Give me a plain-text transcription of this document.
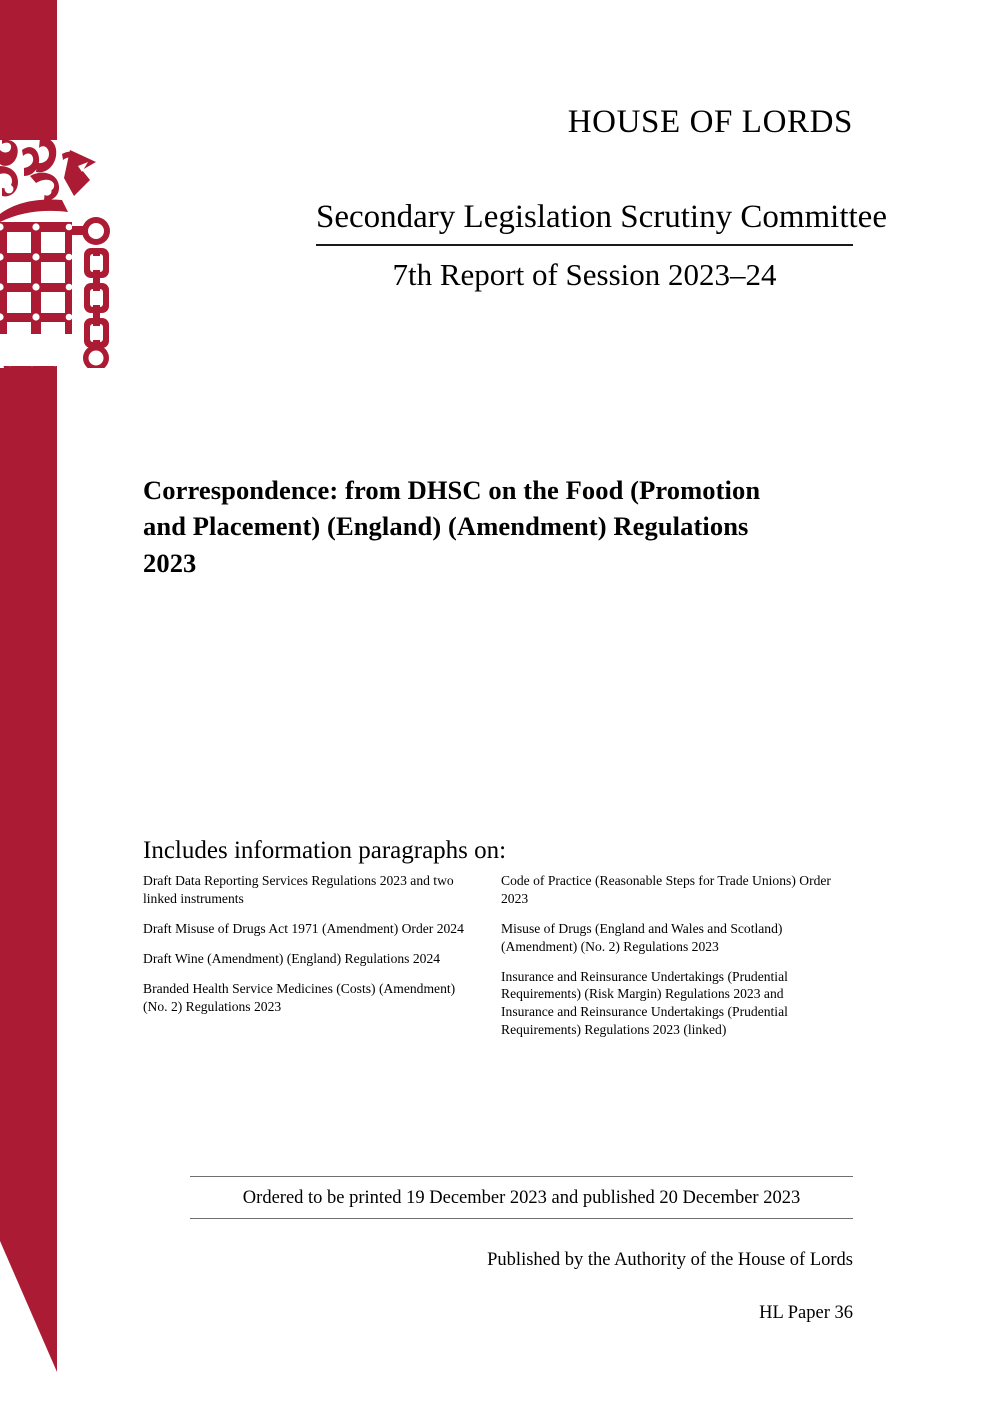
HOUSE OF LORDS
Secondary Legislation Scrutiny Committee
7th Report of Session 2023–24
Correspondence: from DHSC on the Food (Promotion and Placement) (England) (Amendment) Regulations 2023
Includes information paragraphs on:
Draft Data Reporting Services Regulations 2023 and two linked instruments
Draft Misuse of Drugs Act 1971 (Amendment) Order 2024
Draft Wine (Amendment) (England) Regulations 2024
Branded Health Service Medicines (Costs) (Amendment) (No. 2) Regulations 2023
Code of Practice (Reasonable Steps for Trade Unions) Order 2023
Misuse of Drugs (England and Wales and Scotland) (Amendment) (No. 2) Regulations 2023
Insurance and Reinsurance Undertakings (Prudential Requirements) (Risk Margin) Regulations 2023 and Insurance and Reinsurance Undertakings (Prudential Requirements) Regulations 2023 (linked)
Ordered to be printed 19 December 2023 and published 20 December 2023
Published by the Authority of the House of Lords
HL Paper 36
